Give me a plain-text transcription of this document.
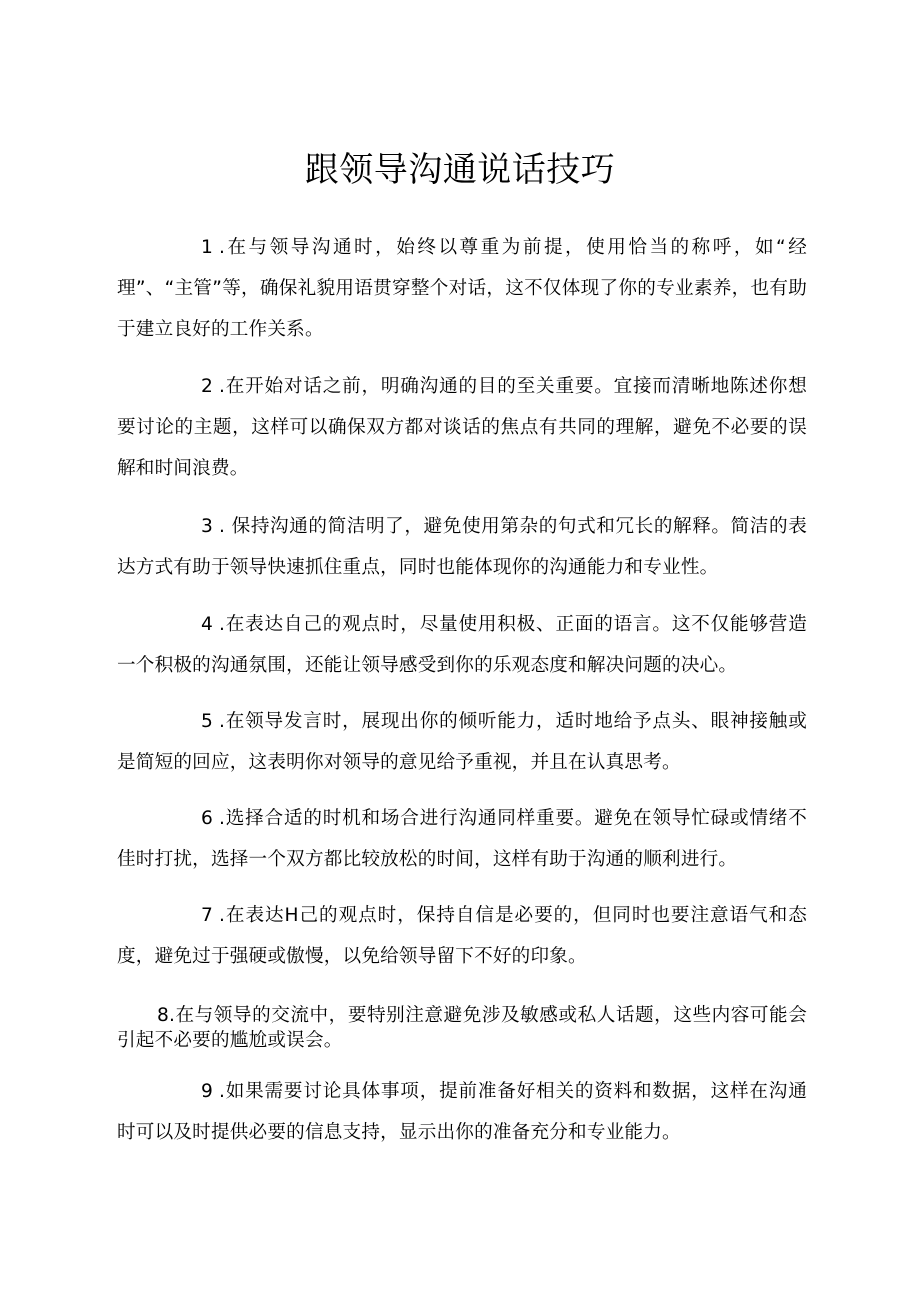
跟领导沟通说话技巧

1 .在与领导沟通时，始终以尊重为前提，使用恰当的称呼，如“经理”、“主管”等，确保礼貌用语贯穿整个对话，这不仅体现了你的专业素养，也有助于建立良好的工作关系。

2 .在开始对话之前，明确沟通的目的至关重要。宜接而清晰地陈述你想要讨论的主题，这样可以确保双方都对谈话的焦点有共同的理解，避免不必要的误解和时间浪费。

3 . 保持沟通的简洁明了，避免使用第杂的句式和冗长的解释。简洁的表达方式有助于领导快速抓住重点，同时也能体现你的沟通能力和专业性。

4 .在表达自己的观点时，尽量使用积极、正面的语言。这不仅能够营造一个积极的沟通氛围，还能让领导感受到你的乐观态度和解决问题的决心。

5 .在领导发言时，展现出你的倾听能力，适时地给予点头、眼神接触或是简短的回应，这表明你对领导的意见给予重视，并且在认真思考。

6 .选择合适的时机和场合进行沟通同样重要。避免在领导忙碌或情绪不佳时打扰，选择一个双方都比较放松的时间，这样有助于沟通的顺利进行。

7 .在表达H己的观点时，保持自信是必要的，但同时也要注意语气和态度，避免过于强硬或傲慢，以免给领导留下不好的印象。

8.在与领导的交流中，要特别注意避免涉及敏感或私人话题，这些内容可能会引起不必要的尴尬或误会。

9 .如果需要讨论具体事项，提前准备好相关的资料和数据，这样在沟通时可以及时提供必要的信息支持，显示出你的准备充分和专业能力。
